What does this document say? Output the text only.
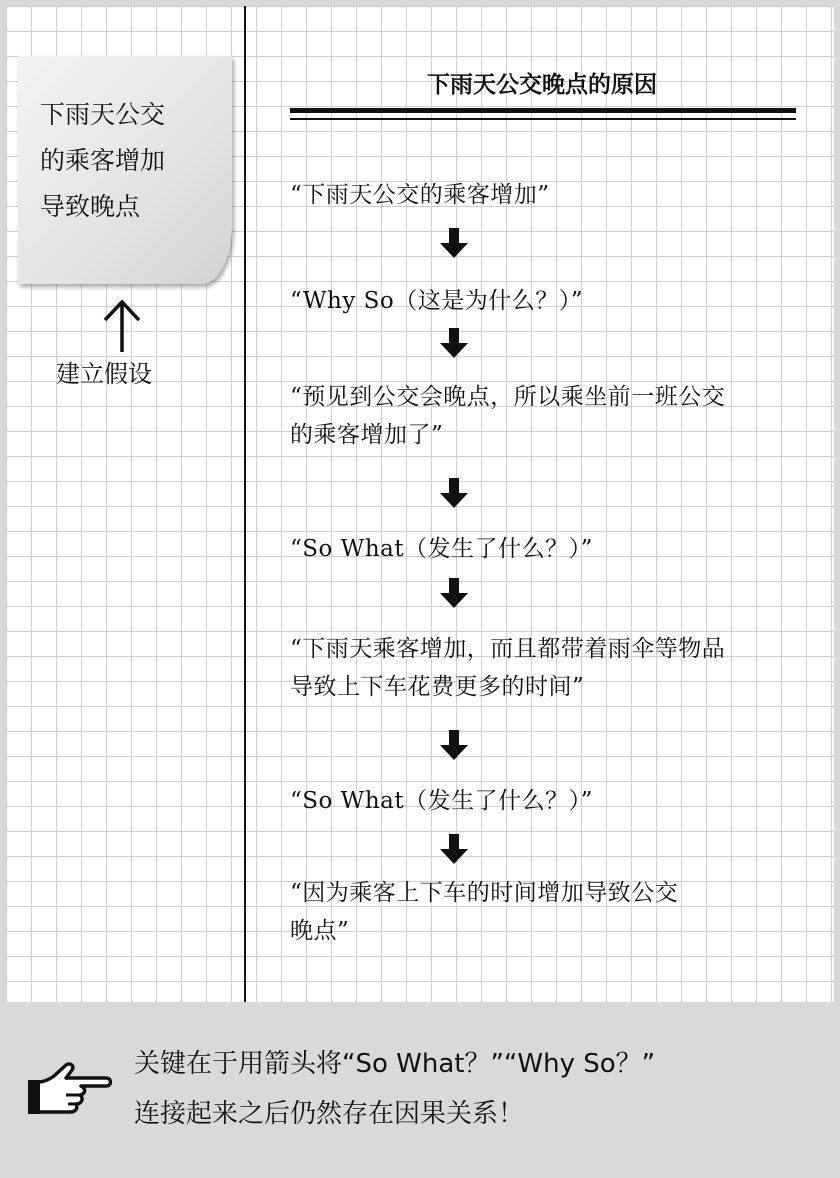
下雨天公交
的乘客增加
导致晚点
建立假设
下雨天公交晚点的原因
“下雨天公交的乘客增加”
“Why So（这是为什么？）”
“预见到公交会晚点，所以乘坐前一班公交
的乘客增加了”
“So What（发生了什么？）”
“下雨天乘客增加，而且都带着雨伞等物品
导致上下车花费更多的时间”
“So What（发生了什么？）”
“因为乘客上下车的时间增加导致公交
晚点”
关键在于用箭头将“So What？”“Why So？”
连接起来之后仍然存在因果关系！
